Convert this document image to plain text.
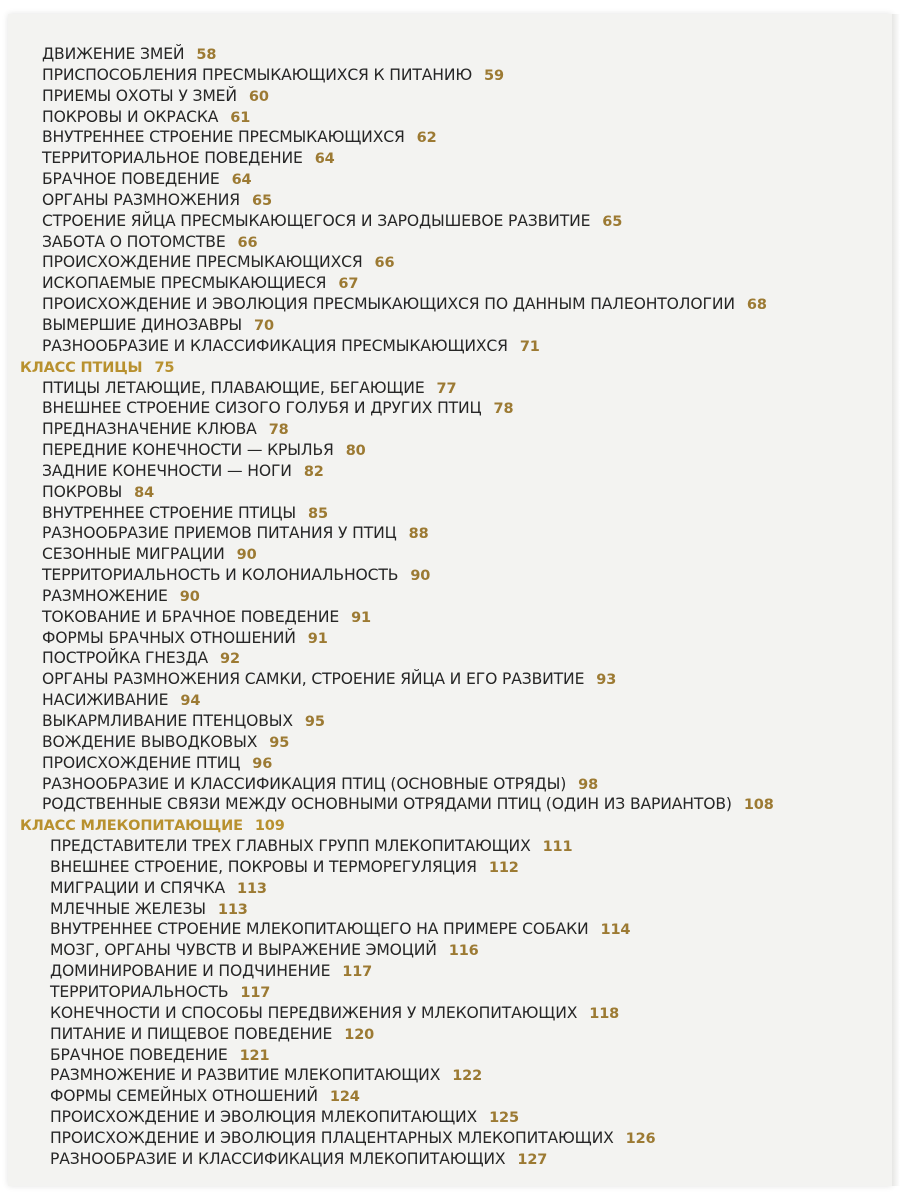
ДВИЖЕНИЕ ЗМЕЙ 58
ПРИСПОСОБЛЕНИЯ ПРЕСМЫКАЮЩИХСЯ К ПИТАНИЮ 59
ПРИЕМЫ ОХОТЫ У ЗМЕЙ 60
ПОКРОВЫ И ОКРАСКА 61
ВНУТРЕННЕЕ СТРОЕНИЕ ПРЕСМЫКАЮЩИХСЯ 62
ТЕРРИТОРИАЛЬНОЕ ПОВЕДЕНИЕ 64
БРАЧНОЕ ПОВЕДЕНИЕ 64
ОРГАНЫ РАЗМНОЖЕНИЯ 65
СТРОЕНИЕ ЯЙЦА ПРЕСМЫКАЮЩЕГОСЯ И ЗАРОДЫШЕВОЕ РАЗВИТИЕ 65
ЗАБОТА О ПОТОМСТВЕ 66
ПРОИСХОЖДЕНИЕ ПРЕСМЫКАЮЩИХСЯ 66
ИСКОПАЕМЫЕ ПРЕСМЫКАЮЩИЕСЯ 67
ПРОИСХОЖДЕНИЕ И ЭВОЛЮЦИЯ ПРЕСМЫКАЮЩИХСЯ ПО ДАННЫМ ПАЛЕОНТОЛОГИИ 68
ВЫМЕРШИЕ ДИНОЗАВРЫ 70
РАЗНООБРАЗИЕ И КЛАССИФИКАЦИЯ ПРЕСМЫКАЮЩИХСЯ 71
КЛАСС ПТИЦЫ 75
ПТИЦЫ ЛЕТАЮЩИЕ, ПЛАВАЮЩИЕ, БЕГАЮЩИЕ 77
ВНЕШНЕЕ СТРОЕНИЕ СИЗОГО ГОЛУБЯ И ДРУГИХ ПТИЦ 78
ПРЕДНАЗНАЧЕНИЕ КЛЮВА 78
ПЕРЕДНИЕ КОНЕЧНОСТИ — КРЫЛЬЯ 80
ЗАДНИЕ КОНЕЧНОСТИ — НОГИ 82
ПОКРОВЫ 84
ВНУТРЕННЕЕ СТРОЕНИЕ ПТИЦЫ 85
РАЗНООБРАЗИЕ ПРИЕМОВ ПИТАНИЯ У ПТИЦ 88
СЕЗОННЫЕ МИГРАЦИИ 90
ТЕРРИТОРИАЛЬНОСТЬ И КОЛОНИАЛЬНОСТЬ 90
РАЗМНОЖЕНИЕ 90
ТОКОВАНИЕ И БРАЧНОЕ ПОВЕДЕНИЕ 91
ФОРМЫ БРАЧНЫХ ОТНОШЕНИЙ 91
ПОСТРОЙКА ГНЕЗДА 92
ОРГАНЫ РАЗМНОЖЕНИЯ САМКИ, СТРОЕНИЕ ЯЙЦА И ЕГО РАЗВИТИЕ 93
НАСИЖИВАНИЕ 94
ВЫКАРМЛИВАНИЕ ПТЕНЦОВЫХ 95
ВОЖДЕНИЕ ВЫВОДКОВЫХ 95
ПРОИСХОЖДЕНИЕ ПТИЦ 96
РАЗНООБРАЗИЕ И КЛАССИФИКАЦИЯ ПТИЦ (ОСНОВНЫЕ ОТРЯДЫ) 98
РОДСТВЕННЫЕ СВЯЗИ МЕЖДУ ОСНОВНЫМИ ОТРЯДАМИ ПТИЦ (ОДИН ИЗ ВАРИАНТОВ) 108
КЛАСС МЛЕКОПИТАЮЩИЕ 109
ПРЕДСТАВИТЕЛИ ТРЕХ ГЛАВНЫХ ГРУПП МЛЕКОПИТАЮЩИХ 111
ВНЕШНЕЕ СТРОЕНИЕ, ПОКРОВЫ И ТЕРМОРЕГУЛЯЦИЯ 112
МИГРАЦИИ И СПЯЧКА 113
МЛЕЧНЫЕ ЖЕЛЕЗЫ 113
ВНУТРЕННЕЕ СТРОЕНИЕ МЛЕКОПИТАЮЩЕГО НА ПРИМЕРЕ СОБАКИ 114
МОЗГ, ОРГАНЫ ЧУВСТВ И ВЫРАЖЕНИЕ ЭМОЦИЙ 116
ДОМИНИРОВАНИЕ И ПОДЧИНЕНИЕ 117
ТЕРРИТОРИАЛЬНОСТЬ 117
КОНЕЧНОСТИ И СПОСОБЫ ПЕРЕДВИЖЕНИЯ У МЛЕКОПИТАЮЩИХ 118
ПИТАНИЕ И ПИЩЕВОЕ ПОВЕДЕНИЕ 120
БРАЧНОЕ ПОВЕДЕНИЕ 121
РАЗМНОЖЕНИЕ И РАЗВИТИЕ МЛЕКОПИТАЮЩИХ 122
ФОРМЫ СЕМЕЙНЫХ ОТНОШЕНИЙ 124
ПРОИСХОЖДЕНИЕ И ЭВОЛЮЦИЯ МЛЕКОПИТАЮЩИХ 125
ПРОИСХОЖДЕНИЕ И ЭВОЛЮЦИЯ ПЛАЦЕНТАРНЫХ МЛЕКОПИТАЮЩИХ 126
РАЗНООБРАЗИЕ И КЛАССИФИКАЦИЯ МЛЕКОПИТАЮЩИХ 127
